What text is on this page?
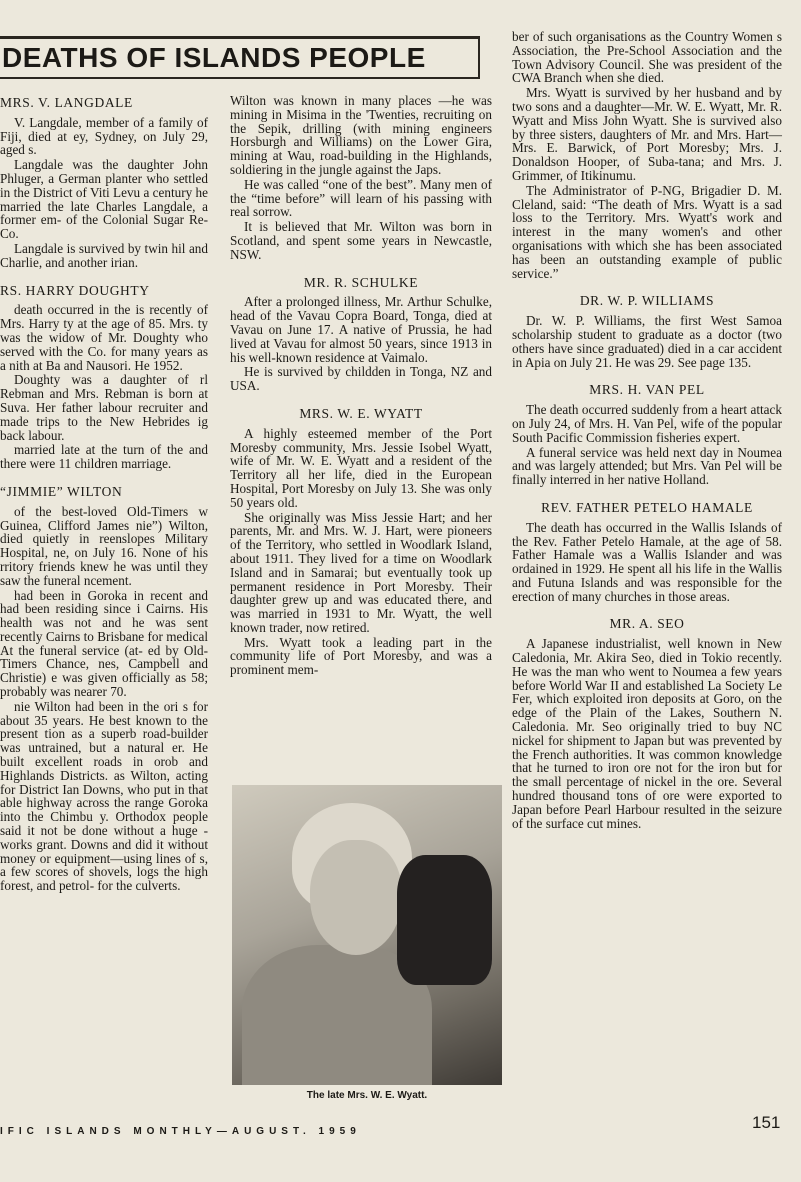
DEATHS OF ISLANDS PEOPLE
MRS. V. LANGDALE

V. Langdale, member of a family of Fiji, died at ey, Sydney, on July 29, aged s.

Langdale was the daughter John Phluger, a German planter who settled in the District of Viti Levu a century he married the late Charles Langdale, a former em- of the Colonial Sugar Re- Co.

Langdale is survived by twin hil and Charlie, and another irian.

RS. HARRY DOUGHTY

death occurred in the is recently of Mrs. Harry ty at the age of 85. Mrs. ty was the widow of Mr. Doughty who served with the Co. for many years as a nith at Ba and Nausori. He 1952.

Doughty was a daughter of rl Rebman and Mrs. Rebman is born at Suva. Her father labour recruiter and made trips to the New Hebrides ig back labour.

married late at the turn of the and there were 11 children marriage.

“JIMMIE” WILTON

of the best-loved Old-Timers w Guinea, Clifford James nie”) Wilton, died quietly in reenslopes Military Hospital, ne, on July 16. None of his rritory friends knew he was until they saw the funeral ncement.

had been in Goroka in recent and had been residing since i Cairns. His health was not and he was sent recently Cairns to Brisbane for medical At the funeral service (at- ed by Old-Timers Chance, nes, Campbell and Christie) e was given officially as 58; probably was nearer 70.

nie Wilton had been in the ori s for about 35 years. He best known to the present tion as a superb road-builder was untrained, but a natural er. He built excellent roads in orob and Highlands Districts. as Wilton, acting for District Ian Downs, who put in that able highway across the range Goroka into the Chimbu y. Orthodox people said it not be done without a huge -works grant. Downs and did it without money or equipment—using lines of s, a few scores of shovels, logs the high forest, and petrol- for the culverts.

Wilton was known in many places —he was mining in Misima in the 'Twenties, recruiting on the Sepik, drilling (with mining engineers Horsburgh and Williams) on the Lower Gira, mining at Wau, road-building in the Highlands, soldiering in the jungle against the Japs.

He was called “one of the best”. Many men of the “time before” will learn of his passing with real sorrow.

It is believed that Mr. Wilton was born in Scotland, and spent some years in Newcastle, NSW.

MR. R. SCHULKE

After a prolonged illness, Mr. Arthur Schulke, head of the Vavau Copra Board, Tonga, died at Vavau on June 17. A native of Prussia, he had lived at Vavau for almost 50 years, since 1913 in his well-known residence at Vaimalo.

He is survived by childden in Tonga, NZ and USA.

MRS. W. E. WYATT

A highly esteemed member of the Port Moresby community, Mrs. Jessie Isobel Wyatt, wife of Mr. W. E. Wyatt and a resident of the Territory all her life, died in the European Hospital, Port Moresby on July 13. She was only 50 years old.

She originally was Miss Jessie Hart; and her parents, Mr. and Mrs. W. J. Hart, were pioneers of the Territory, who settled in Woodlark Island, about 1911. They lived for a time on Woodlark Island and in Samarai; but eventually took up permanent residence in Port Moresby. Their daughter grew up and was educated there, and was married in 1931 to Mr. Wyatt, the well known trader, now retired.

Mrs. Wyatt took a leading part in the community life of Port Moresby, and was a prominent mem-

ber of such organisations as the Country Women s Association, the Pre-School Association and the Town Advisory Council. She was president of the CWA Branch when she died.

Mrs. Wyatt is survived by her husband and by two sons and a daughter—Mr. W. E. Wyatt, Mr. R. Wyatt and Miss John Wyatt. She is survived also by three sisters, daughters of Mr. and Mrs. Hart—Mrs. E. Barwick, of Port Moresby; Mrs. J. Donaldson Hooper, of Suba-tana; and Mrs. J. Grimmer, of Itikinumu.

The Administrator of P-NG, Brigadier D. M. Cleland, said: “The death of Mrs. Wyatt is a sad loss to the Territory. Mrs. Wyatt's work and interest in the many women's and other organisations with which she has been associated has been an outstanding example of public service.”

DR. W. P. WILLIAMS

Dr. W. P. Williams, the first West Samoa scholarship student to graduate as a doctor (two others have since graduated) died in a car accident in Apia on July 21. He was 29. See page 135.

MRS. H. VAN PEL

The death occurred suddenly from a heart attack on July 24, of Mrs. H. Van Pel, wife of the popular South Pacific Commission fisheries expert.

A funeral service was held next day in Noumea and was largely attended; but Mrs. Van Pel will be finally interred in her native Holland.

REV. FATHER PETELO HAMALE

The death has occurred in the Wallis Islands of the Rev. Father Petelo Hamale, at the age of 58. Father Hamale was a Wallis Islander and was ordained in 1929. He spent all his life in the Wallis and Futuna Islands and was responsible for the erection of many churches in those areas.

MR. A. SEO

A Japanese industrialist, well known in New Caledonia, Mr. Akira Seo, died in Tokio recently. He was the man who went to Noumea a few years before World War II and established La Society Le Fer, which exploited iron deposits at Goro, on the edge of the Plain of the Lakes, Southern N. Caledonia. Mr. Seo originally tried to buy NC nickel for shipment to Japan but was prevented by the French authorities. It was common knowledge that he turned to iron ore not for the iron but for the small percentage of nickel in the ore. Several hundred thousand tons of ore were exported to Japan before Pearl Harbour resulted in the seizure of the surface cut mines.

The late Mrs. W. E. Wyatt.
IFIC ISLANDS MONTHLY—AUGUST. 1959	151
